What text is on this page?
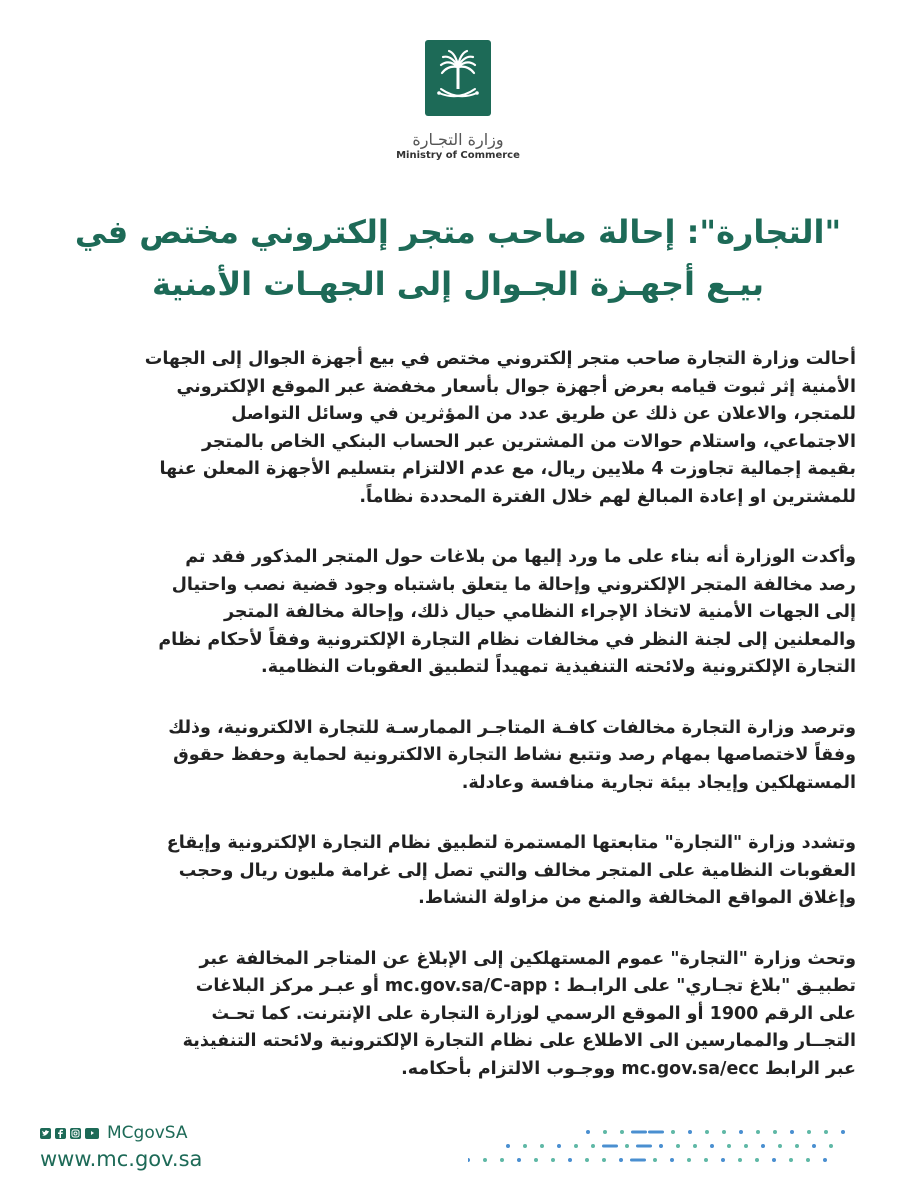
وزارة التجـارة
Ministry of Commerce
"التجارة": إحالة صاحب متجر إلكتروني مختص في
بيـع أجهـزة الجـوال إلى الجهـات الأمنية
أحالت وزارة التجارة صاحب متجر إلكتروني مختص في بيع أجهزة الجوال إلى الجهات
الأمنية إثر ثبوت قيامه بعرض أجهزة جوال بأسعار مخفضة عبر الموقع الإلكتروني
للمتجر، والاعلان عن ذلك عن طريق عدد من المؤثرين في وسائل التواصل
الاجتماعي، واستلام حوالات من المشترين عبر الحساب البنكي الخاص بالمتجر
بقيمة إجمالية تجاوزت 4 ملايين ريال، مع عدم الالتزام بتسليم الأجهزة المعلن عنها
للمشترين او إعادة المبالغ لهم خلال الفترة المحددة نظاماً.
وأكدت الوزارة أنه بناء على ما ورد إليها من بلاغات حول المتجر المذكور فقد تم
رصد مخالفة المتجر الإلكتروني وإحالة ما يتعلق باشتباه وجود قضية نصب واحتيال
إلى الجهات الأمنية لاتخاذ الإجراء النظامي حيال ذلك، وإحالة مخالفة المتجر
والمعلنين إلى لجنة النظر في مخالفات نظام التجارة الإلكترونية وفقاً لأحكام نظام
التجارة الإلكترونية ولائحته التنفيذية تمهيداً لتطبيق العقوبات النظامية.
وترصد وزارة التجارة مخالفات كافـة المتاجـر الممارسـة للتجارة الالكترونية، وذلك
وفقاً لاختصاصها بمهام رصد وتتبع نشاط التجارة الالكترونية لحماية وحفظ حقوق
المستهلكين وإيجاد بيئة تجارية منافسة وعادلة.
وتشدد وزارة "التجارة" متابعتها المستمرة لتطبيق نظام التجارة الإلكترونية وإيقاع
العقوبات النظامية على المتجر مخالف والتي تصل إلى غرامة مليون ريال وحجب
وإغلاق المواقع المخالفة والمنع من مزاولة النشاط.
وتحث وزارة "التجارة" عموم المستهلكين إلى الإبلاغ عن المتاجر المخالفة عبر
تطبيـق "بلاغ تجـاري" على الرابـط : mc.gov.sa/C-app أو عبـر مركز البلاغات
على الرقم 1900 أو الموقع الرسمي لوزارة التجارة على الإنترنت. كما تحـث
التجــار والممارسين الى الاطلاع على نظام التجارة الإلكترونية ولائحته التنفيذية
عبر الرابط mc.gov.sa/ecc ووجـوب الالتزام بأحكامه.
MCgovSA
www.mc.gov.sa
